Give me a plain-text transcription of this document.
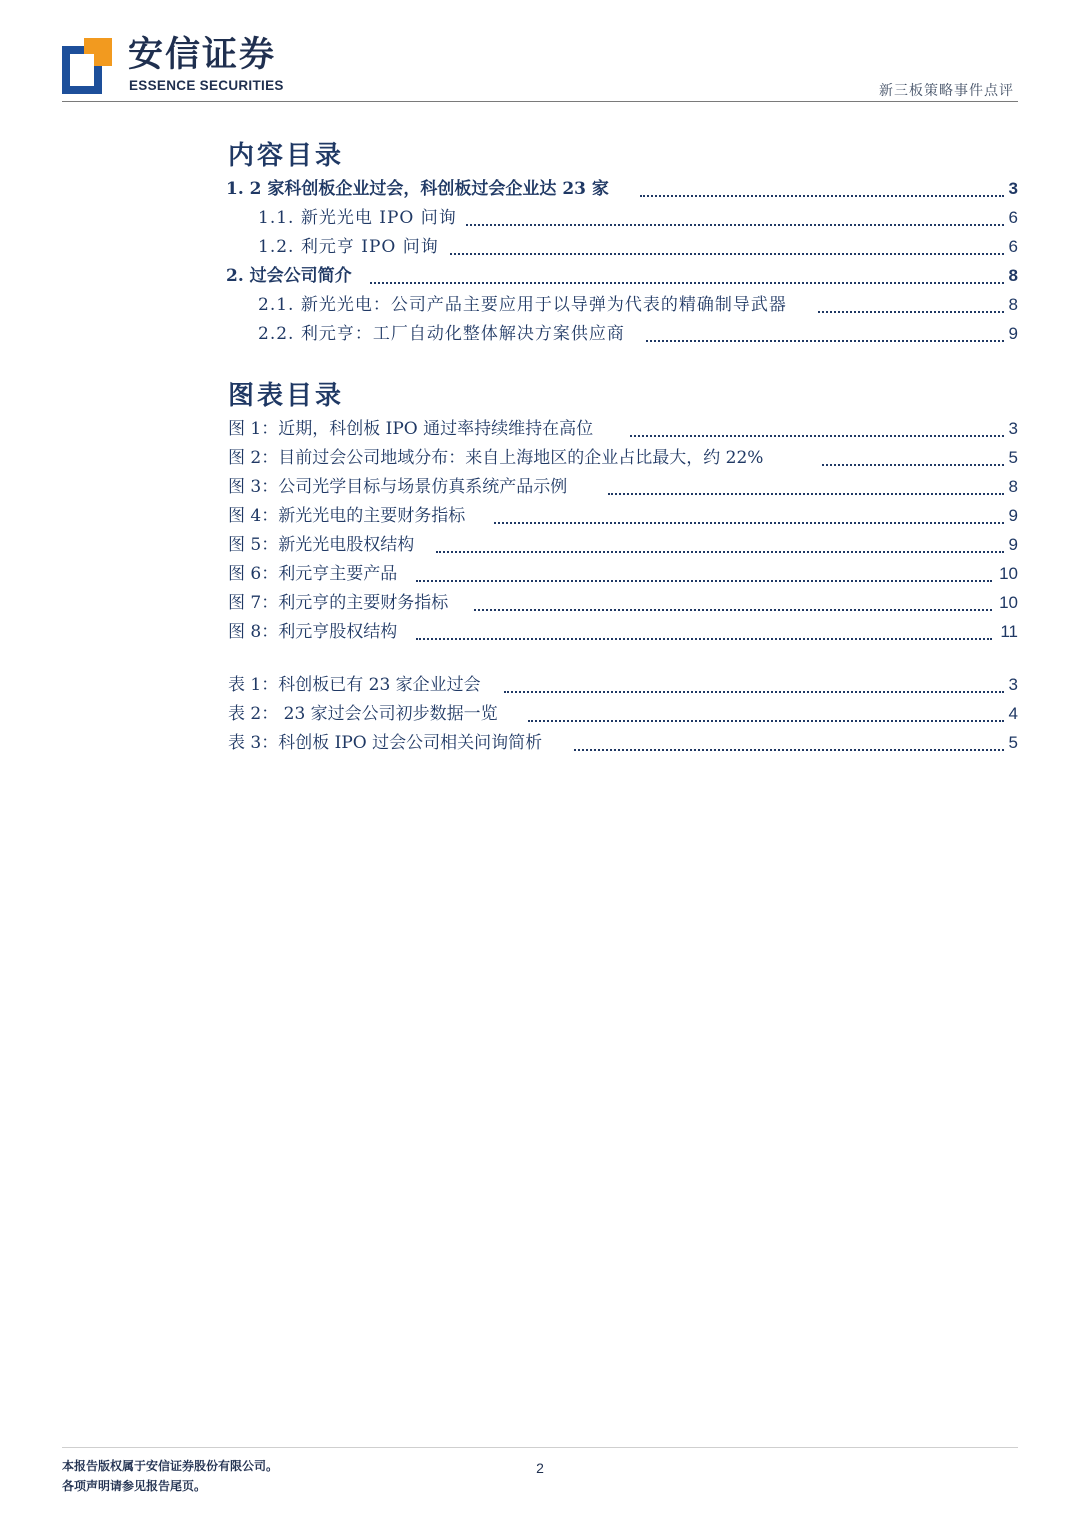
安信证券
ESSENCE SECURITIES	新三板策略事件点评
内容目录
1. 2 家科创板企业过会，科创板过会企业达 23 家	3
1.1. 新光光电 IPO 问询	6
1.2. 利元亨 IPO 问询	6
2. 过会公司简介	8
2.1. 新光光电：公司产品主要应用于以导弹为代表的精确制导武器	8
2.2. 利元亨：工厂自动化整体解决方案供应商	9
图表目录
图 1：近期，科创板 IPO 通过率持续维持在高位	3
图 2：目前过会公司地域分布：来自上海地区的企业占比最大，约 22%	5
图 3：公司光学目标与场景仿真系统产品示例	8
图 4：新光光电的主要财务指标	9
图 5：新光光电股权结构	9
图 6：利元亨主要产品	10
图 7：利元亨的主要财务指标	10
图 8：利元亨股权结构	11
表 1：科创板已有 23 家企业过会	3
表 2： 23 家过会公司初步数据一览	4
表 3：科创板 IPO 过会公司相关问询简析	5
本报告版权属于安信证券股份有限公司。
各项声明请参见报告尾页。
2
